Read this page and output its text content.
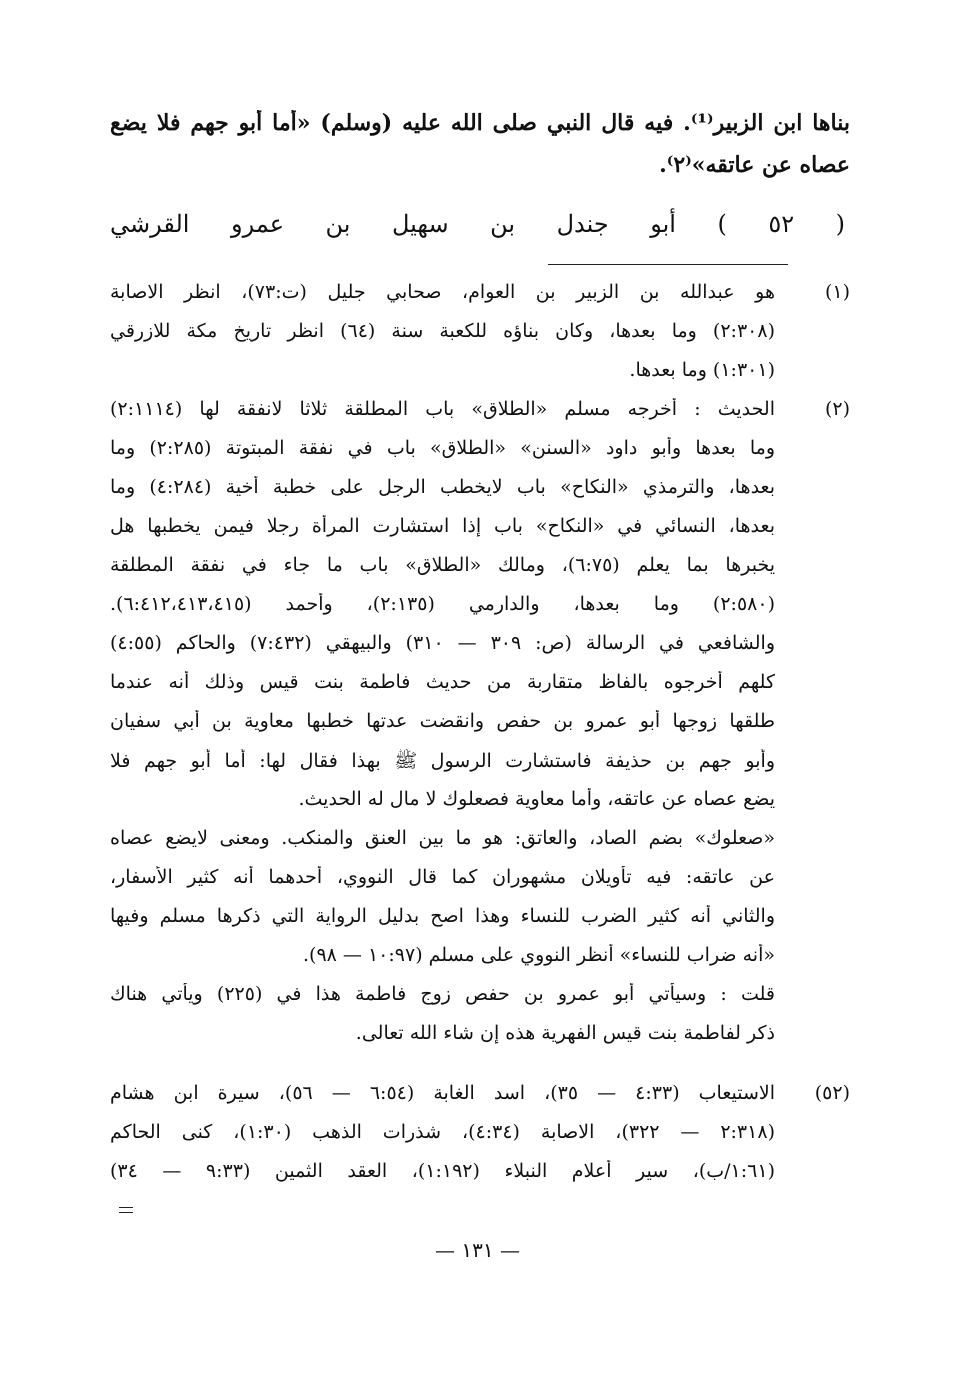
بناها ابن الزبير⁽¹⁾. فيه قال النبي صلى الله عليه (وسلم) «أما أبو جهم فلا يضع
عصاه عن عاتقه»⁽٢⁾.
( ٥٢ ) أبو جندل بن سهيل بن عمرو القرشي
(١)
هو عبدالله بن الزبير بن العوام، صحابي جليل (ت:٧٣)، انظر الاصابة
(٢:٣٠٨) وما بعدها، وكان بناؤه للكعبة سنة (٦٤) انظر تاريخ مكة للازرقي
(١:٣٠١) وما بعدها.
(٢)
الحديث : أخرجه مسلم «الطلاق» باب المطلقة ثلاثا لانفقة لها (٢:١١١٤)
وما بعدها وأبو داود «السنن» «الطلاق» باب في نفقة المبتوتة (٢:٢٨٥) وما
بعدها، والترمذي «النكاح» باب لايخطب الرجل على خطبة أخية (٤:٢٨٤) وما
بعدها، النسائي في «النكاح» باب إذا استشارت المرأة رجلا فيمن يخطبها هل
يخبرها بما يعلم (٦:٧٥)، ومالك «الطلاق» باب ما جاء في نفقة المطلقة
(٢:٥٨٠) وما بعدها، والدارمي (٢:١٣٥)، وأحمد (٦:٤١٢،٤١٣،٤١٥).
والشافعي في الرسالة (ص: ٣٠٩ — ٣١٠) والبيهقي (٧:٤٣٢) والحاكم (٤:٥٥)
كلهم أخرجوه بالفاظ متقاربة من حديث فاطمة بنت قيس وذلك أنه عندما
طلقها زوجها أبو عمرو بن حفص وانقضت عدتها خطبها معاوية بن أبي سفيان
وأبو جهم بن حذيفة فاستشارت الرسول ﷺ بهذا فقال لها: أما أبو جهم فلا
يضع عصاه عن عاتقه، وأما معاوية فصعلوك لا مال له الحديث.
«صعلوك» بضم الصاد، والعاتق: هو ما بين العنق والمنكب. ومعنى لايضع عصاه
عن عاتقه: فيه تأويلان مشهوران كما قال النووي، أحدهما أنه كثير الأسفار،
والثاني أنه كثير الضرب للنساء وهذا اصح بدليل الرواية التي ذكرها مسلم وفيها
«أنه ضراب للنساء» أنظر النووي على مسلم (١٠:٩٧ — ٩٨).
قلت : وسيأتي أبو عمرو بن حفص زوج فاطمة هذا في (٢٢٥) ويأتي هناك
ذكر لفاطمة بنت قيس الفهرية هذه إن شاء الله تعالى.
(٥٢)
الاستيعاب (٤:٣٣ — ٣٥)، اسد الغابة (٦:٥٤ — ٥٦)، سيرة ابن هشام
(٢:٣١٨ — ٣٢٢)، الاصابة (٤:٣٤)، شذرات الذهب (١:٣٠)، كنى الحاكم
(١:٦١/ب)، سير أعلام النبلاء (١:١٩٢)، العقد الثمين (٩:٣٣ — ٣٤)
— ١٣١ —
